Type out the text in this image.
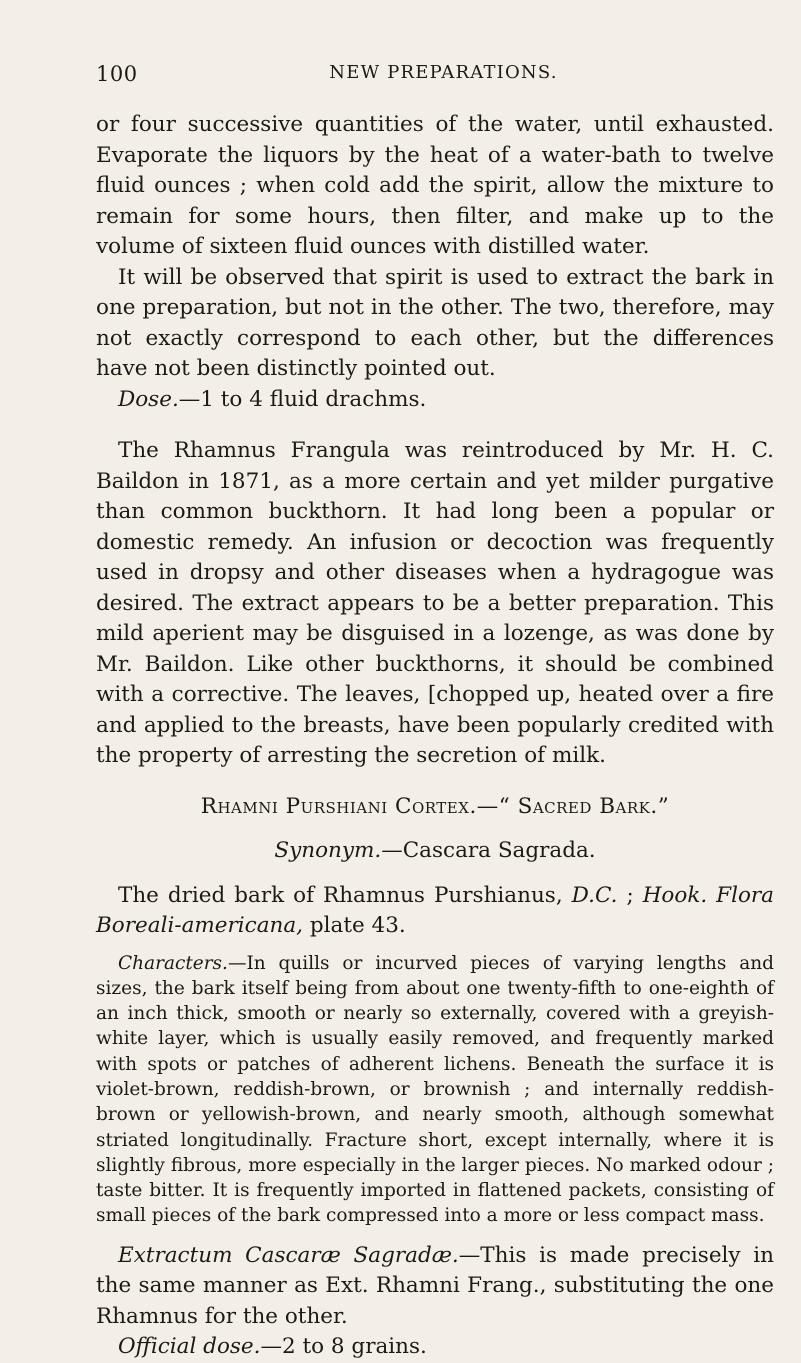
100	NEW PREPARATIONS.

or four successive quantities of the water, until exhausted. Evaporate the liquors by the heat of a water-bath to twelve fluid ounces ; when cold add the spirit, allow the mixture to remain for some hours, then filter, and make up to the volume of sixteen fluid ounces with distilled water.

It will be observed that spirit is used to extract the bark in one preparation, but not in the other. The two, therefore, may not exactly correspond to each other, but the differences have not been distinctly pointed out.

Dose.—1 to 4 fluid drachms.

The Rhamnus Frangula was reintroduced by Mr. H. C. Baildon in 1871, as a more certain and yet milder purgative than common buckthorn. It had long been a popular or domestic remedy. An infusion or decoction was frequently used in dropsy and other diseases when a hydragogue was desired. The extract appears to be a better preparation. This mild aperient may be disguised in a lozenge, as was done by Mr. Baildon. Like other buckthorns, it should be combined with a corrective. The leaves, [chopped up, heated over a fire and applied to the breasts, have been popularly credited with the property of arresting the secretion of milk.

Rhamni Purshiani Cortex.—“ Sacred Bark.”

Synonym.—Cascara Sagrada.

The dried bark of Rhamnus Purshianus, D.C. ; Hook. Flora Boreali-americana, plate 43.

Characters.—In quills or incurved pieces of varying lengths and sizes, the bark itself being from about one twenty-fifth to one-eighth of an inch thick, smooth or nearly so externally, covered with a greyish-white layer, which is usually easily removed, and frequently marked with spots or patches of adherent lichens. Beneath the surface it is violet-brown, reddish-brown, or brownish ; and internally reddish-brown or yellowish-brown, and nearly smooth, although somewhat striated longitudinally. Fracture short, except internally, where it is slightly fibrous, more especially in the larger pieces. No marked odour ; taste bitter. It is frequently imported in flattened packets, consisting of small pieces of the bark compressed into a more or less compact mass.

Extractum Cascaræ Sagradæ.—This is made precisely in the same manner as Ext. Rhamni Frang., substituting the one Rhamnus for the other.

Official dose.—2 to 8 grains.
